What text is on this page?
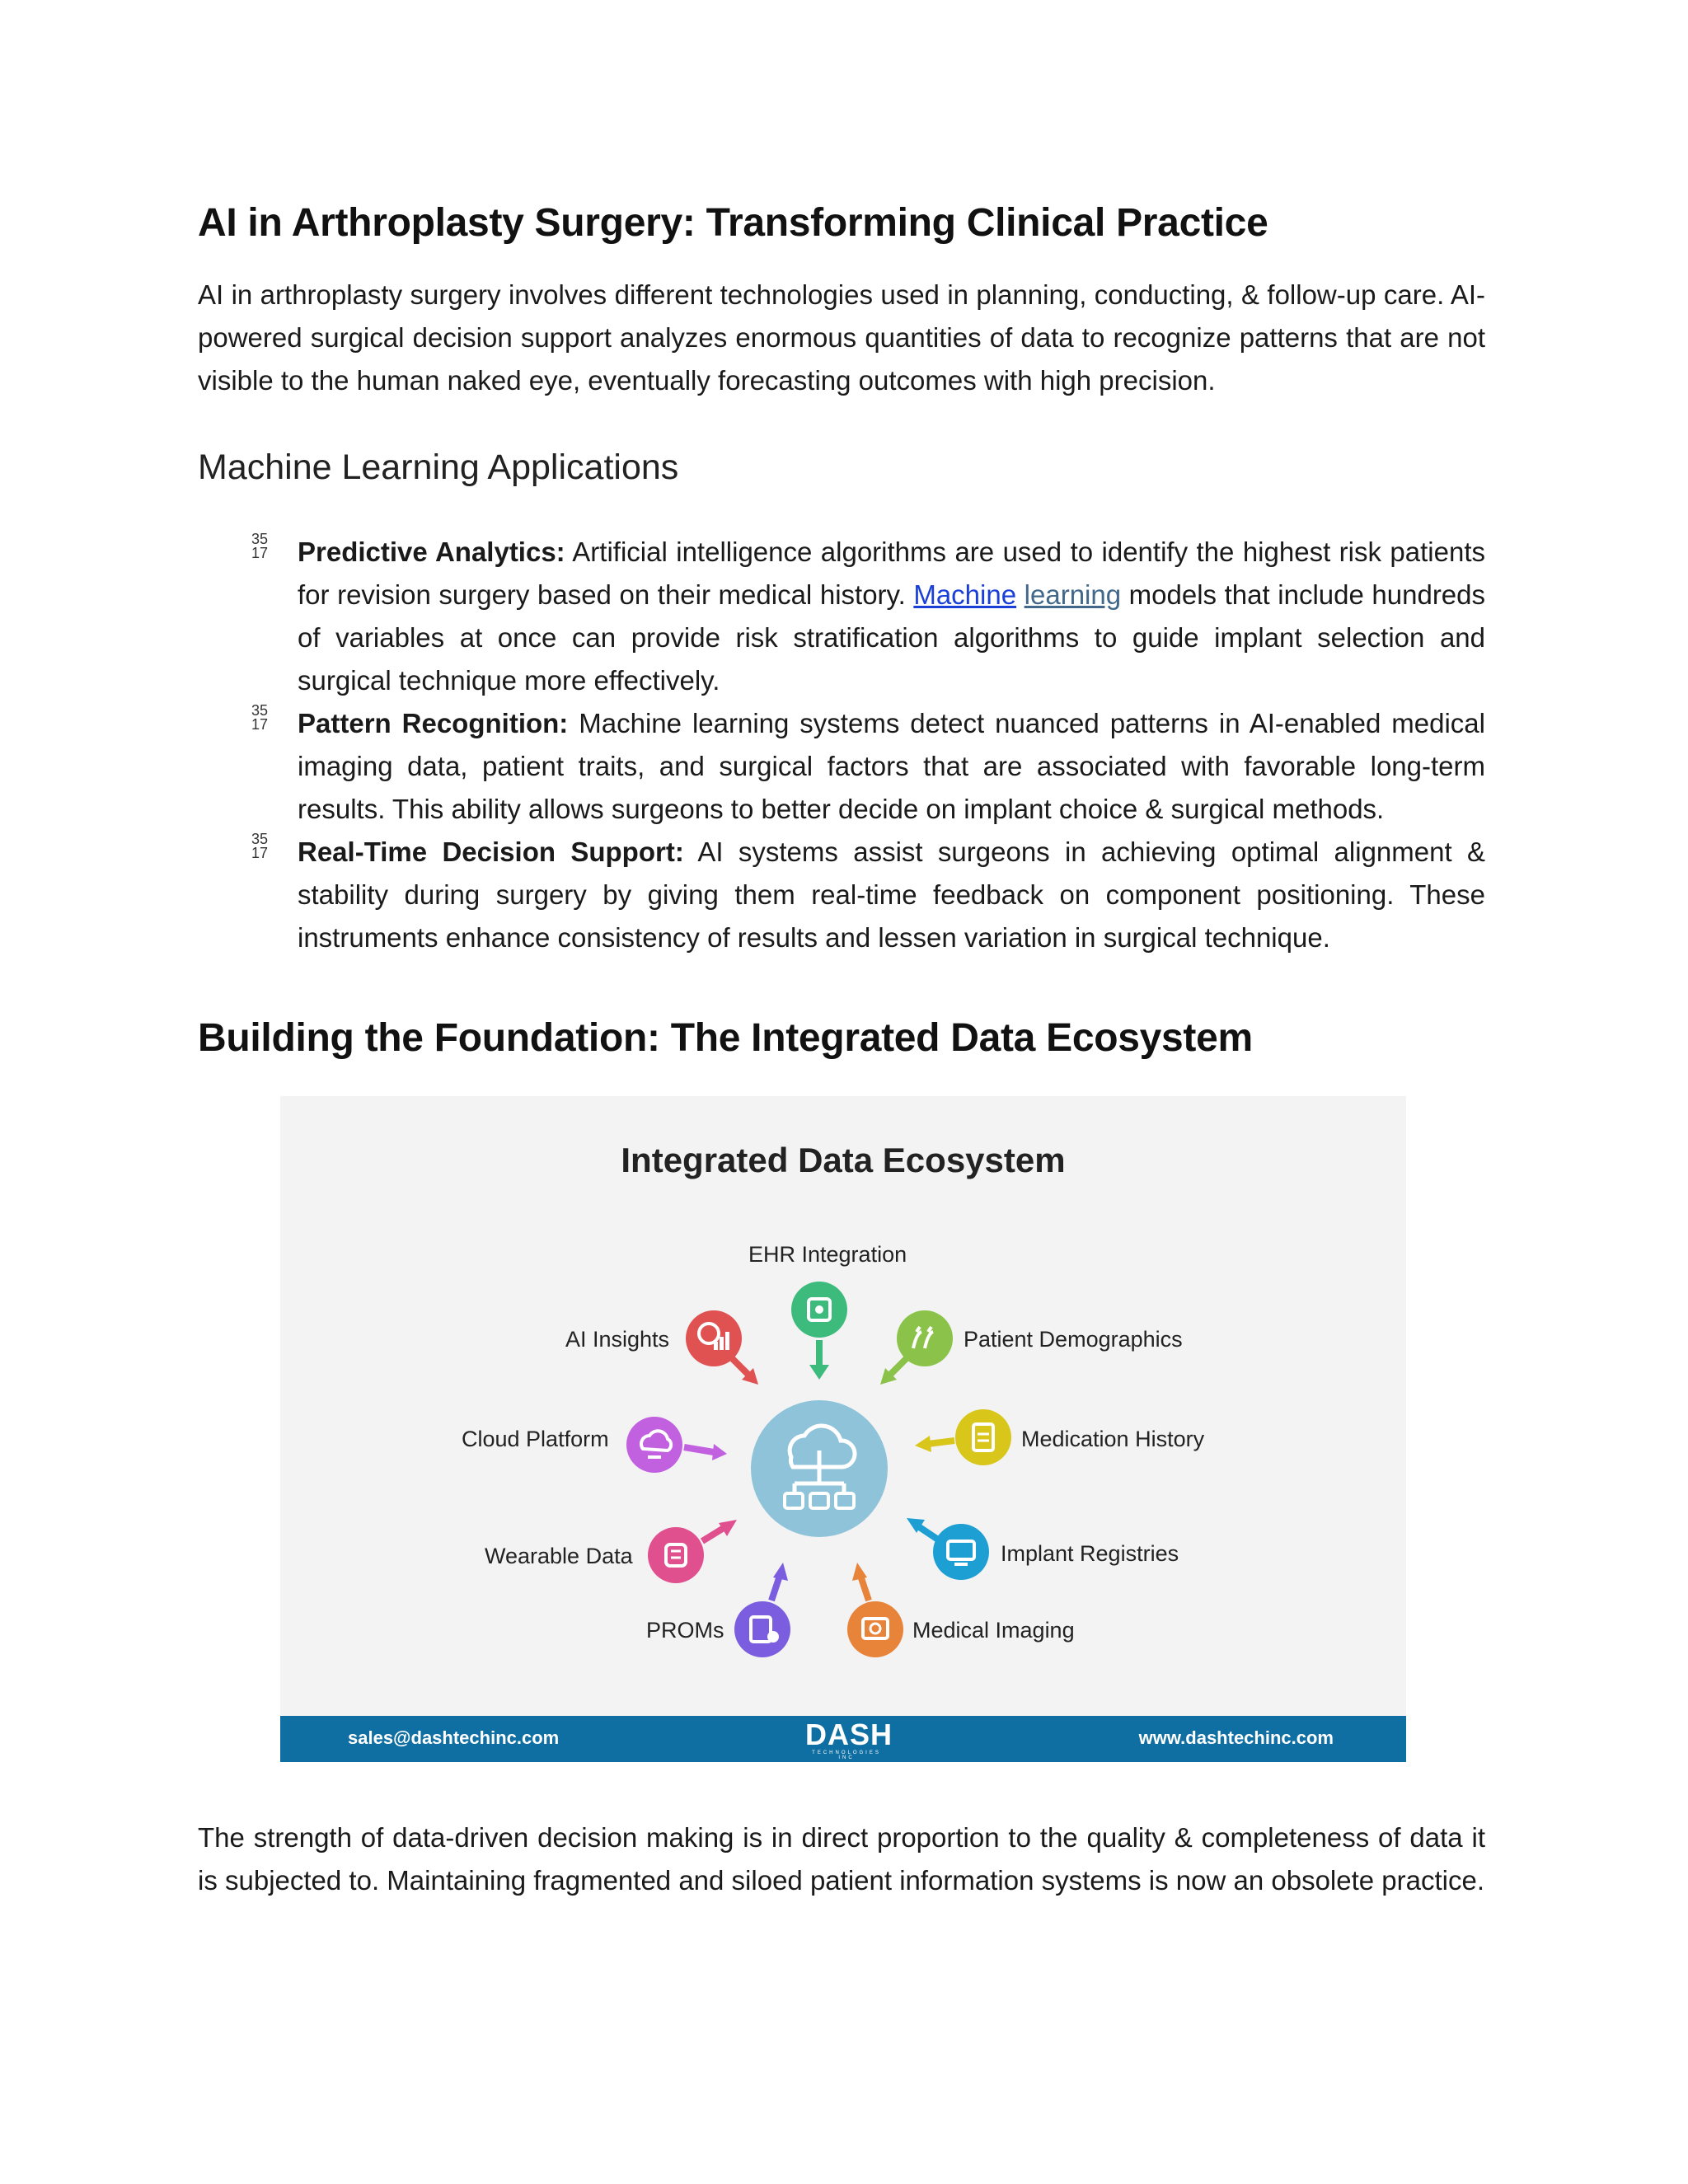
AI in Arthroplasty Surgery: Transforming Clinical Practice
AI in arthroplasty surgery involves different technologies used in planning, conducting, & follow-up care. AI-powered surgical decision support analyzes enormous quantities of data to recognize patterns that are not visible to the human naked eye, eventually forecasting outcomes with high precision.
Machine Learning Applications
35
17 Predictive Analytics: Artificial intelligence algorithms are used to identify the highest risk patients for revision surgery based on their medical history. Machine learning models that include hundreds of variables at once can provide risk stratification algorithms to guide implant selection and surgical technique more effectively.
35
17 Pattern Recognition: Machine learning systems detect nuanced patterns in AI-enabled medical imaging data, patient traits, and surgical factors that are associated with favorable long-term results. This ability allows surgeons to better decide on implant choice & surgical methods.
35
17 Real-Time Decision Support: AI systems assist surgeons in achieving optimal alignment & stability during surgery by giving them real-time feedback on component positioning. These instruments enhance consistency of results and lessen variation in surgical technique.
Building the Foundation: The Integrated Data Ecosystem
Integrated Data Ecosystem
EHR Integration
Patient Demographics
Medication History
Implant Registries
Medical Imaging
PROMs
Wearable Data
Cloud Platform
AI Insights
sales@dashtechinc.com	DASH
TECHNOLOGIES INC
www.dashtechinc.com
The strength of data-driven decision making is in direct proportion to the quality & completeness of data it is subjected to. Maintaining fragmented and siloed patient information systems is now an obsolete practice.
